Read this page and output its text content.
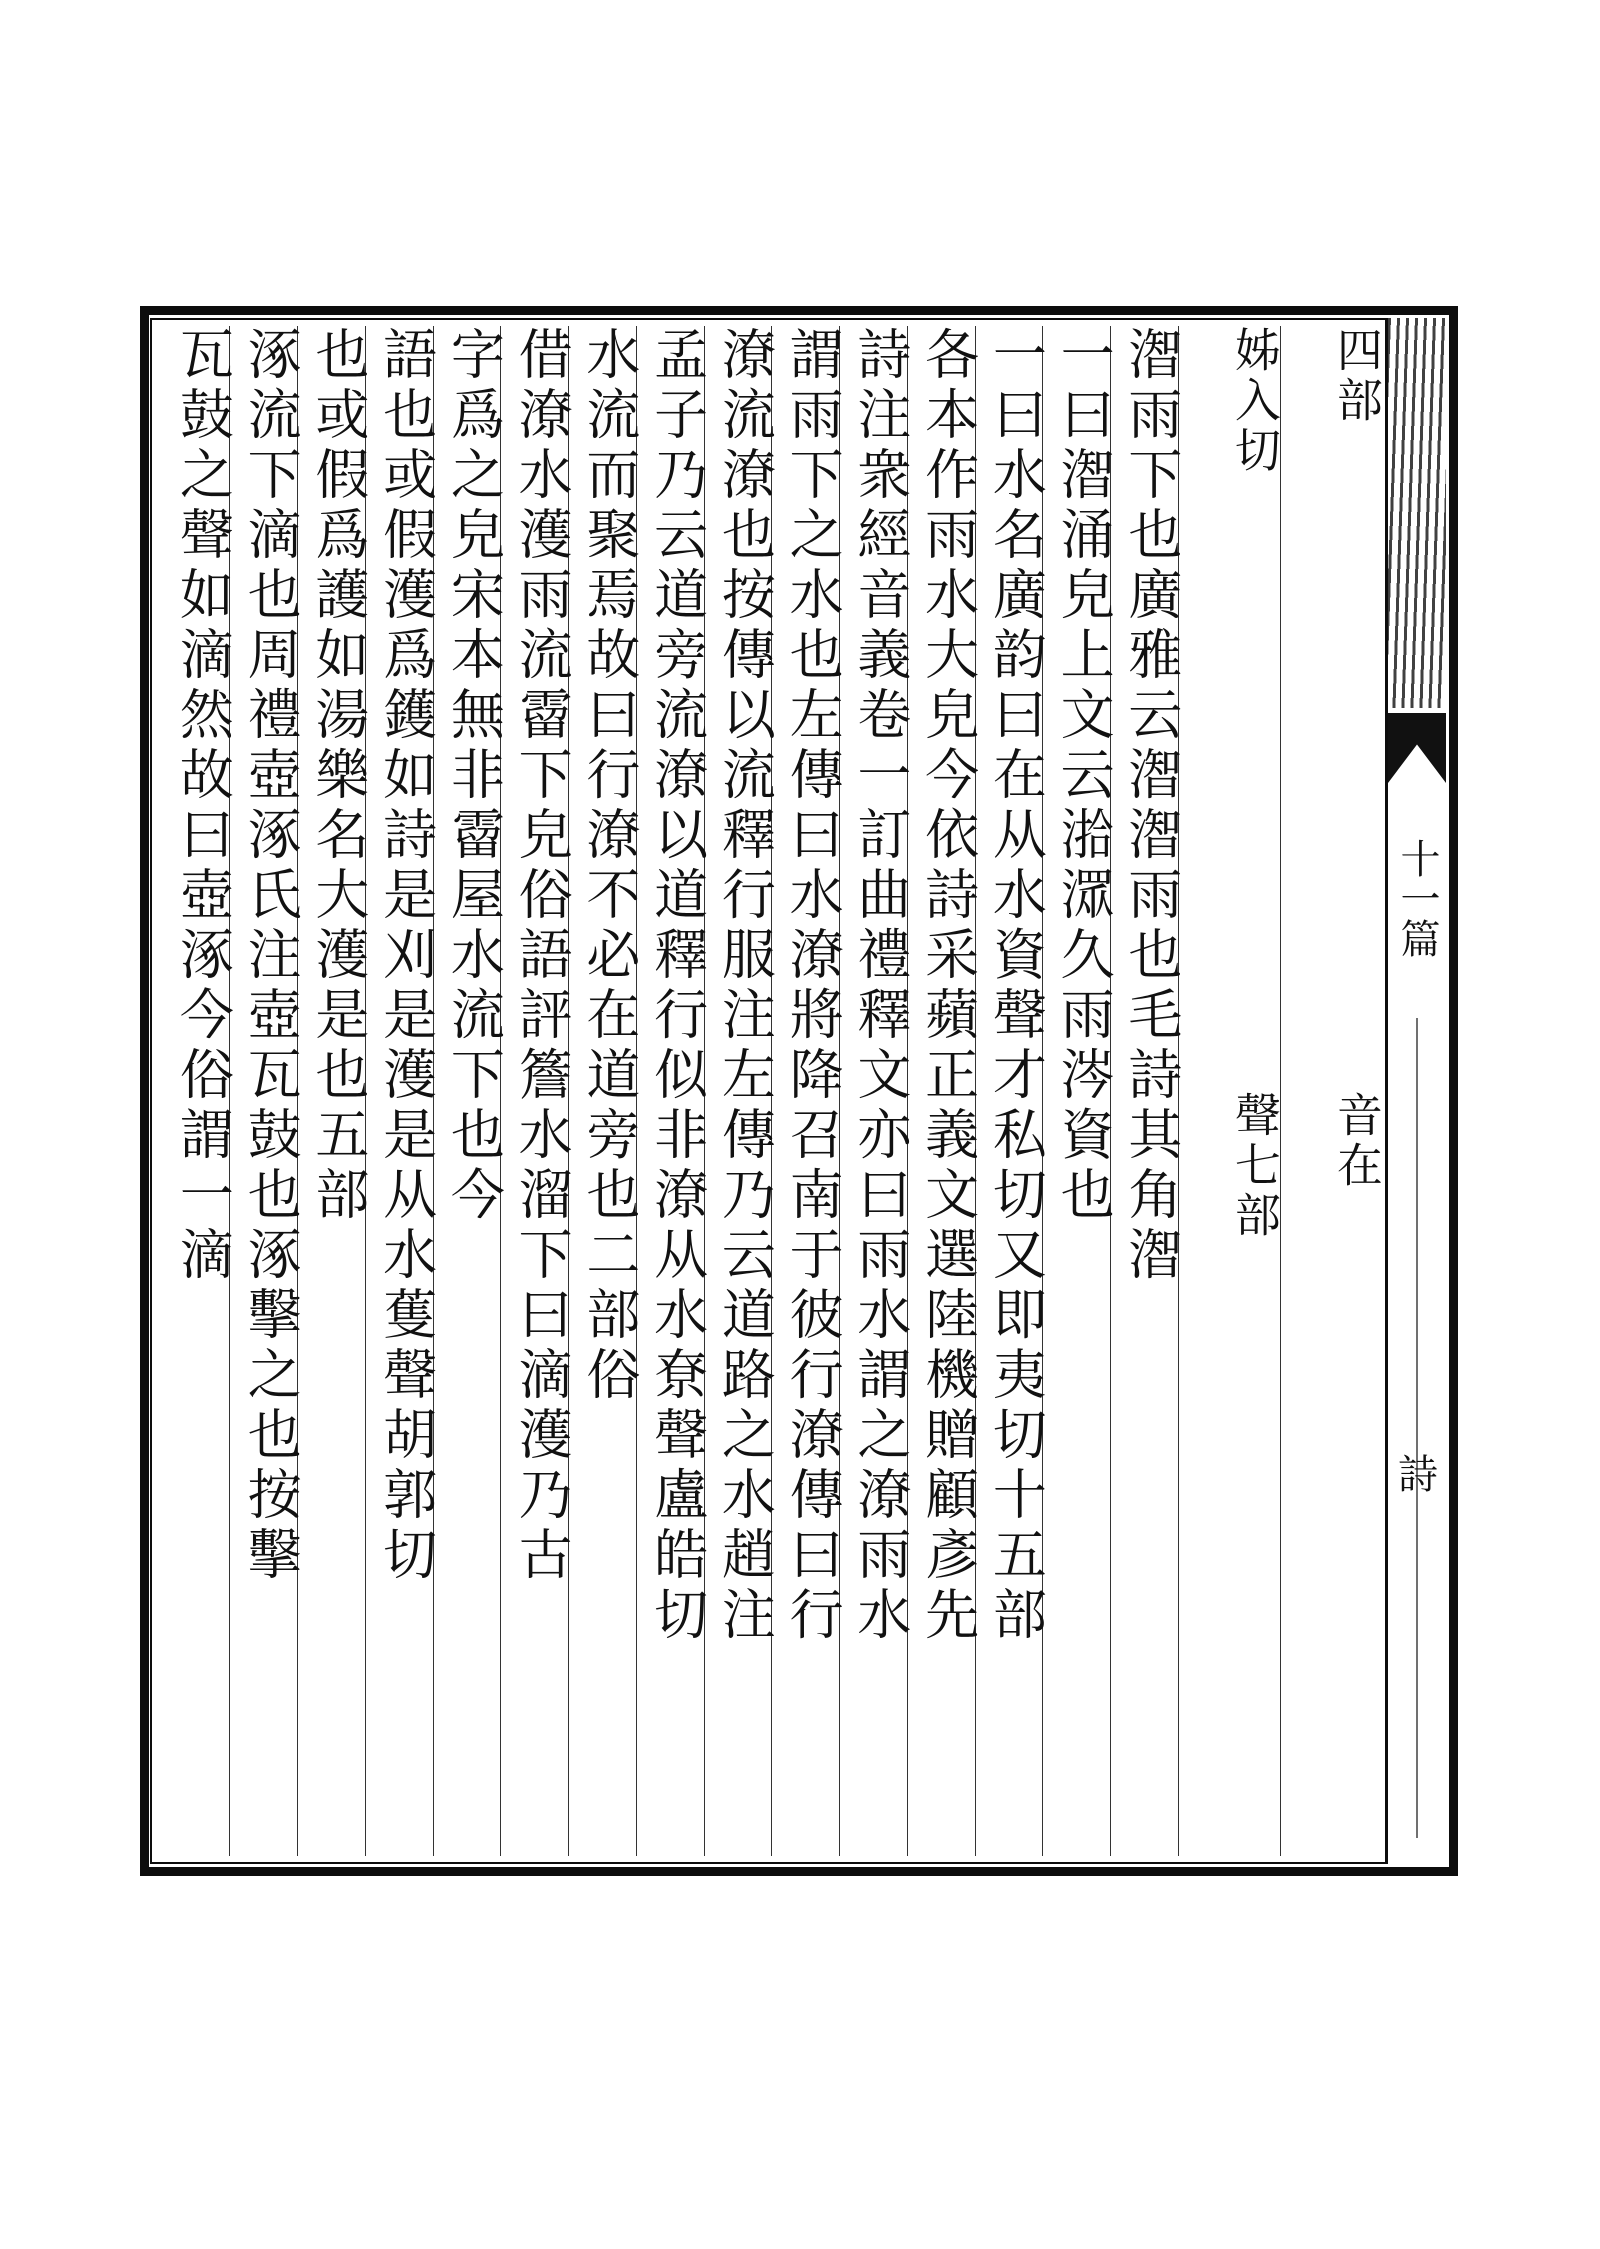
十一篇
詩
音在
四部
聲七部
姊入切
潪雨下也廣雅云潪潪雨也毛詩其角潪
一曰潪涌皃上文云湁潀久雨涔資也
一曰水名廣韵曰在从水資聲才私切又即夷切十五部
各本作雨水大皃今依詩采蘋正義文選陸機贈顧彥先
詩注衆經音義卷一訂曲禮釋文亦曰雨水謂之潦雨水
謂雨下之水也左傳曰水潦將降召南于彼行潦傳曰行
潦流潦也按傳以流釋行服注左傳乃云道路之水趙注
孟子乃云道旁流潦以道釋行似非潦从水尞聲盧皓切
水流而聚焉故曰行潦不必在道旁也二部俗
借潦水濩雨流霤下皃俗語評簷水溜下曰滴濩乃古
字爲之皃宋本無非霤屋水流下也今
語也或假濩爲鑊如詩是刈是濩是从水蒦聲胡郭切
也或假爲護如湯樂名大濩是也五部
涿流下滴也周禮壺涿氏注壺瓦鼓也涿擊之也按擊
瓦鼓之聲如滴然故曰壺涿今俗謂一滴
